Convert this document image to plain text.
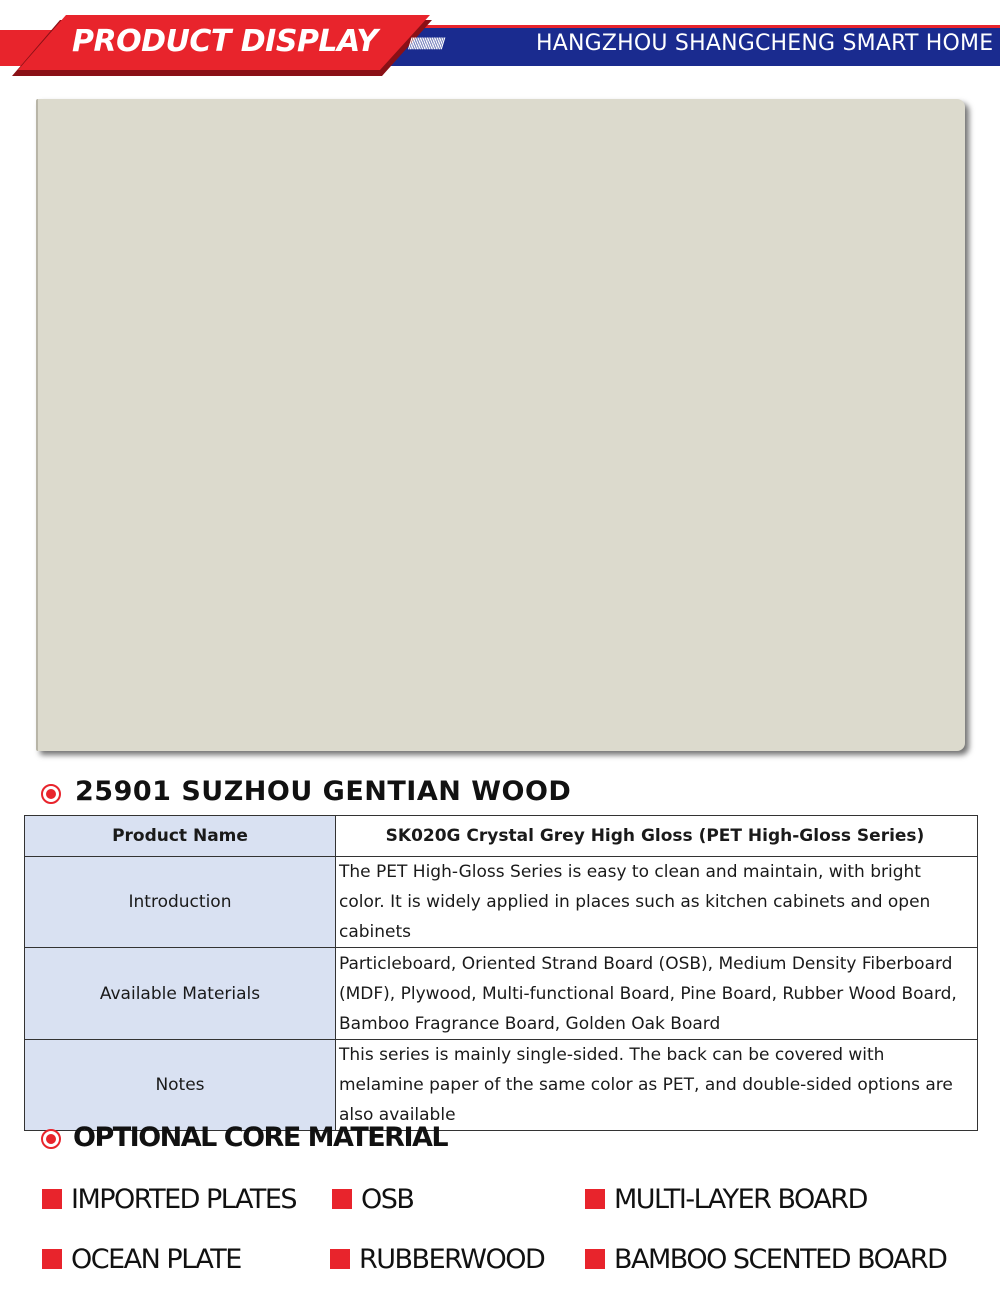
PRODUCT DISPLAY ////////////////////	HANGZHOU SHANGCHENG SMART HOME
25901 SUZHOU GENTIAN WOOD
Product Name	SK020G Crystal Grey High Gloss (PET High-Gloss Series)
Introduction	The PET High-Gloss Series is easy to clean and maintain, with bright color. It is widely applied in places such as kitchen cabinets and open cabinets
Available Materials	Particleboard, Oriented Strand Board (OSB), Medium Density Fiberboard (MDF), Plywood, Multi-functional Board, Pine Board, Rubber Wood Board, Bamboo Fragrance Board, Golden Oak Board
Notes	This series is mainly single-sided. The back can be covered with melamine paper of the same color as PET, and double-sided options are also available
OPTIONAL CORE MATERIAL
IMPORTED PLATES OSB	MULTI-LAYER BOARD
OCEAN PLATE	RUBBERWOOD	BAMBOO SCENTED BOARD
